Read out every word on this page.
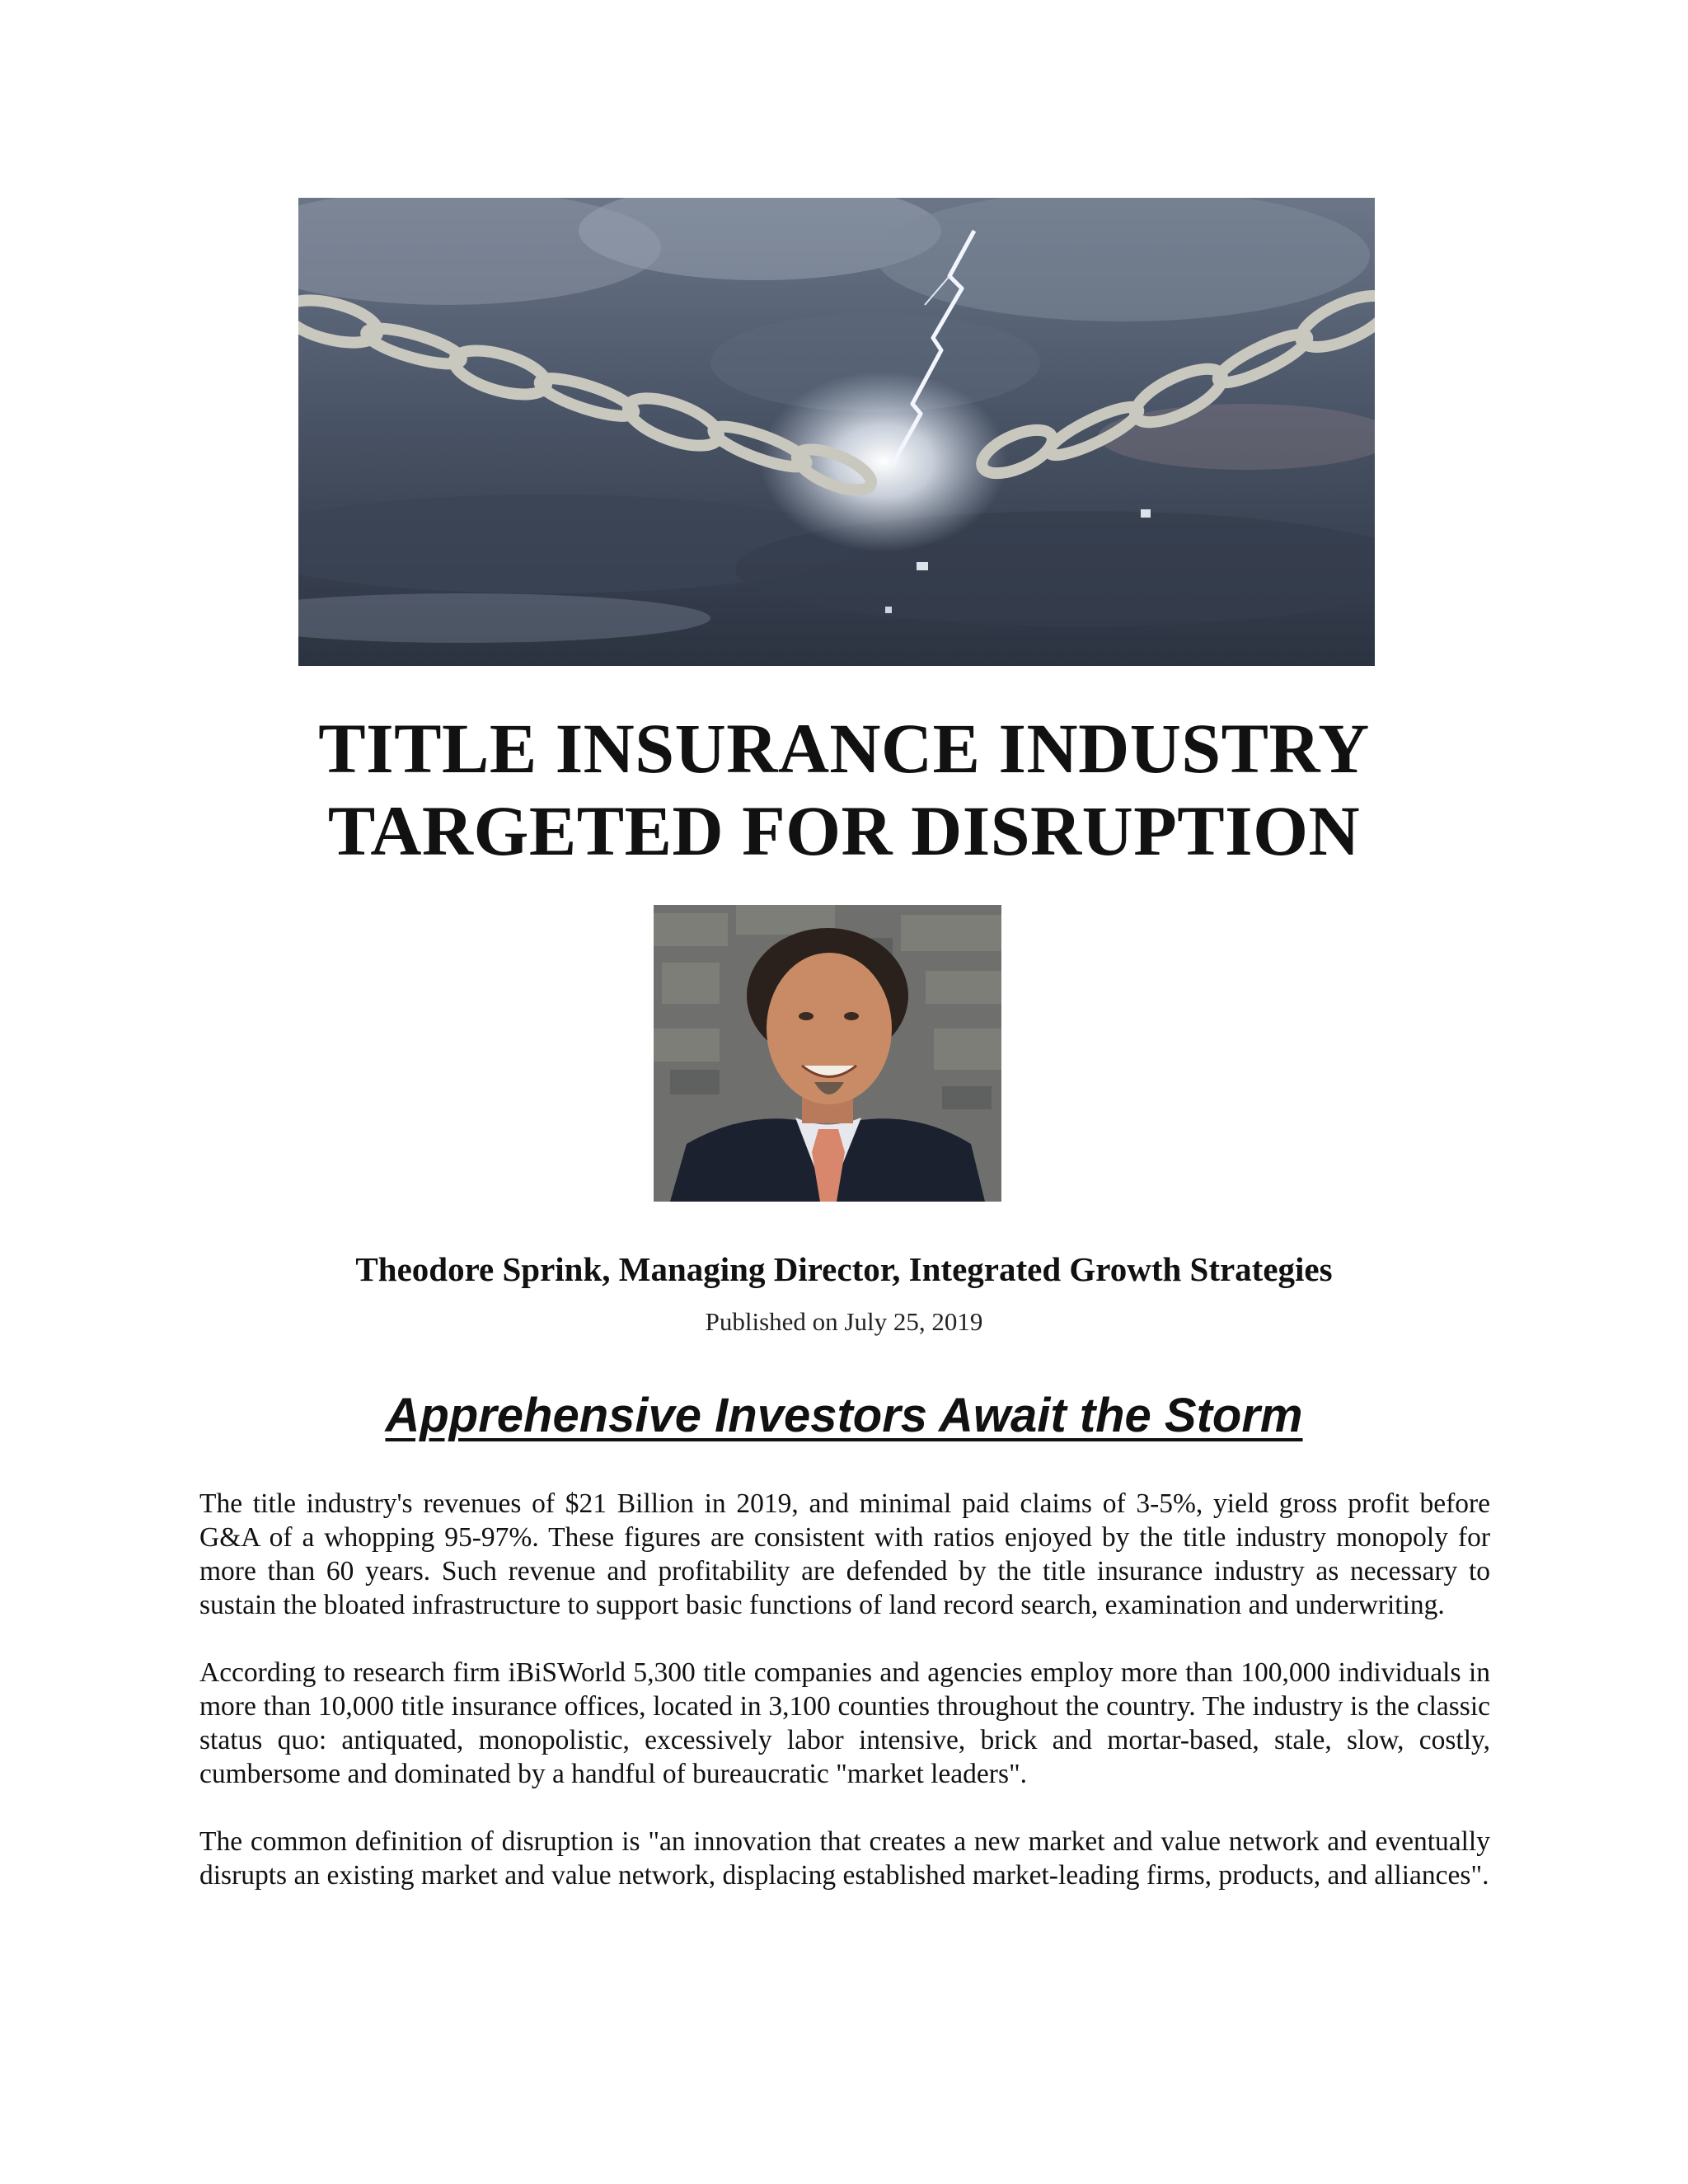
TITLE INSURANCE INDUSTRY
TARGETED FOR DISRUPTION
Theodore Sprink, Managing Director, Integrated Growth Strategies
Published on July 25, 2019
Apprehensive Investors Await the Storm

The title industry's revenues of $21 Billion in 2019, and minimal paid claims of 3-5%, yield gross profit before G&A of a whopping 95-97%. These figures are consistent with ratios enjoyed by the title industry monopoly for more than 60 years. Such revenue and profitability are defended by the title insurance industry as necessary to sustain the bloated infrastructure to support basic functions of land record search, examination and underwriting.

According to research firm iBiSWorld 5,300 title companies and agencies employ more than 100,000 individuals in more than 10,000 title insurance offices, located in 3,100 counties throughout the country. The industry is the classic status quo: antiquated, monopolistic, excessively labor intensive, brick and mortar-based, stale, slow, costly, cumbersome and dominated by a handful of bureaucratic "market leaders".

The common definition of disruption is "an innovation that creates a new market and value network and eventually disrupts an existing market and value network, displacing established market-leading firms, products, and alliances".
